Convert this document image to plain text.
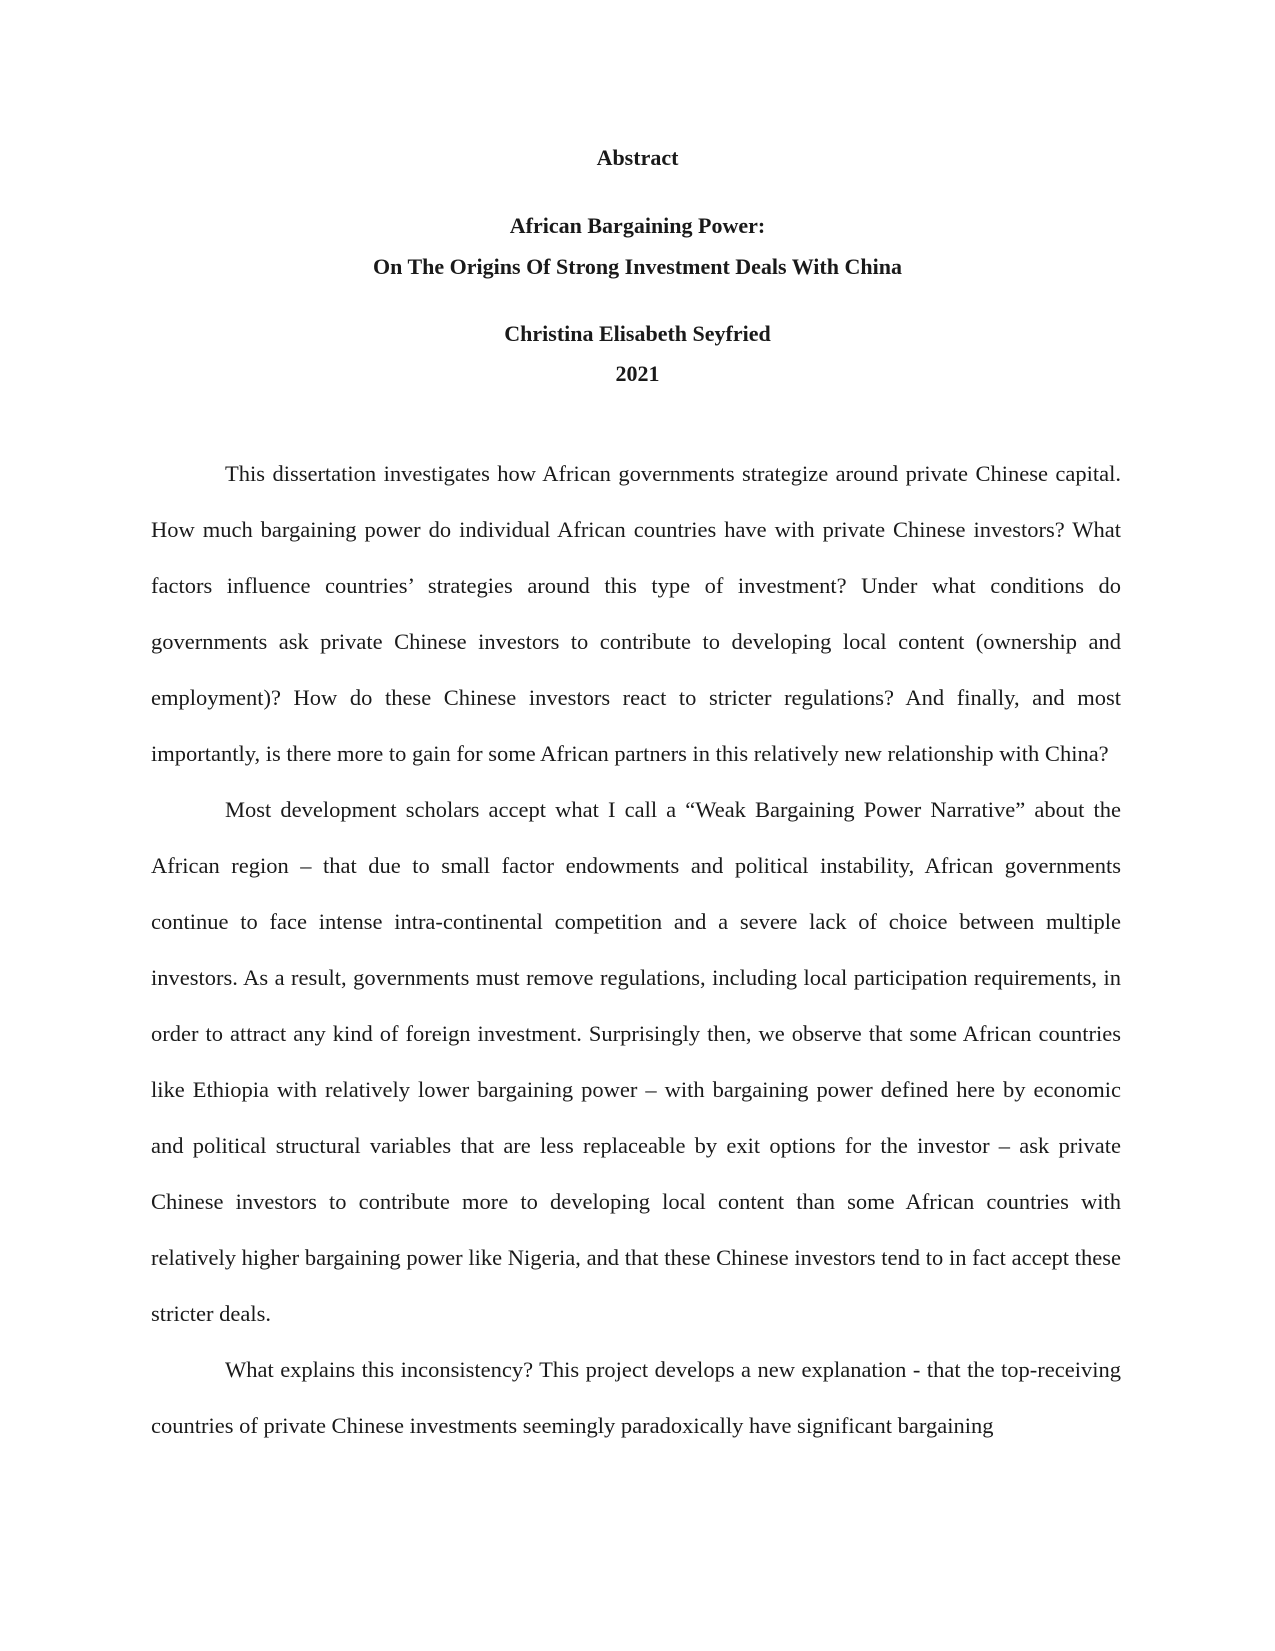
Abstract
African Bargaining Power:
On The Origins Of Strong Investment Deals With China
Christina Elisabeth Seyfried
2021

This dissertation investigates how African governments strategize around private Chinese capital. How much bargaining power do individual African countries have with private Chinese investors? What factors influence countries’ strategies around this type of investment? Under what conditions do governments ask private Chinese investors to contribute to developing local content (ownership and employment)? How do these Chinese investors react to stricter regulations? And finally, and most importantly, is there more to gain for some African partners in this relatively new relationship with China?

Most development scholars accept what I call a “Weak Bargaining Power Narrative” about the African region – that due to small factor endowments and political instability, African governments continue to face intense intra-continental competition and a severe lack of choice between multiple investors. As a result, governments must remove regulations, including local participation requirements, in order to attract any kind of foreign investment. Surprisingly then, we observe that some African countries like Ethiopia with relatively lower bargaining power – with bargaining power defined here by economic and political structural variables that are less replaceable by exit options for the investor – ask private Chinese investors to contribute more to developing local content than some African countries with relatively higher bargaining power like Nigeria, and that these Chinese investors tend to in fact accept these stricter deals.

What explains this inconsistency? This project develops a new explanation - that the top-receiving countries of private Chinese investments seemingly paradoxically have significant bargaining
